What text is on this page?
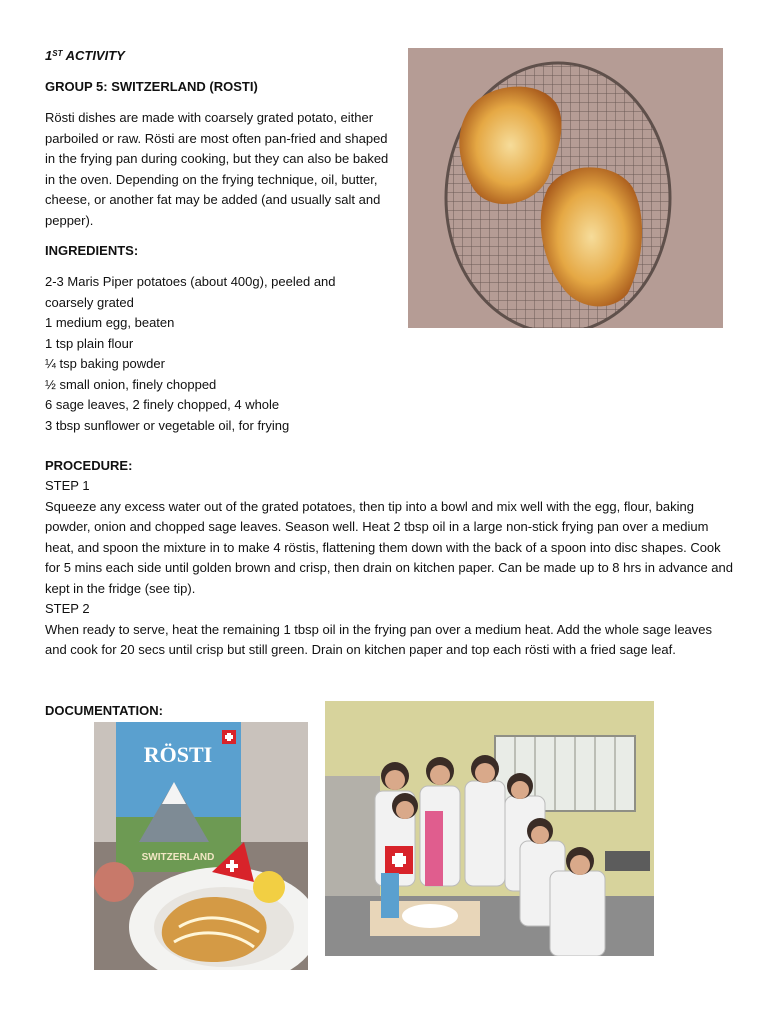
1ST ACTIVITY
GROUP 5: SWITZERLAND (ROSTI)
Rösti dishes are made with coarsely grated potato, either parboiled or raw. Rösti are most often pan-fried and shaped in the frying pan during cooking, but they can also be baked in the oven. Depending on the frying technique, oil, butter, cheese, or another fat may be added (and usually salt and pepper).
INGREDIENTS:
2-3 Maris Piper potatoes (about 400g), peeled and coarsely grated
1 medium egg, beaten
1 tsp plain flour
¼ tsp baking powder
½ small onion, finely chopped
6 sage leaves, 2 finely chopped, 4 whole
3 tbsp sunflower or vegetable oil, for frying
PROCEDURE:
STEP 1
Squeeze any excess water out of the grated potatoes, then tip into a bowl and mix well with the egg, flour, baking powder, onion and chopped sage leaves. Season well. Heat 2 tbsp oil in a large non-stick frying pan over a medium heat, and spoon the mixture in to make 4 röstis, flattening them down with the back of a spoon into disc shapes. Cook for 5 mins each side until golden brown and crisp, then drain on kitchen paper. Can be made up to 8 hrs in advance and kept in the fridge (see tip).
STEP 2
When ready to serve, heat the remaining 1 tbsp oil in the frying pan over a medium heat. Add the whole sage leaves and cook for 20 secs until crisp but still green. Drain on kitchen paper and top each rösti with a fried sage leaf.
DOCUMENTATION:
RÖSTI
SWITZERLAND
